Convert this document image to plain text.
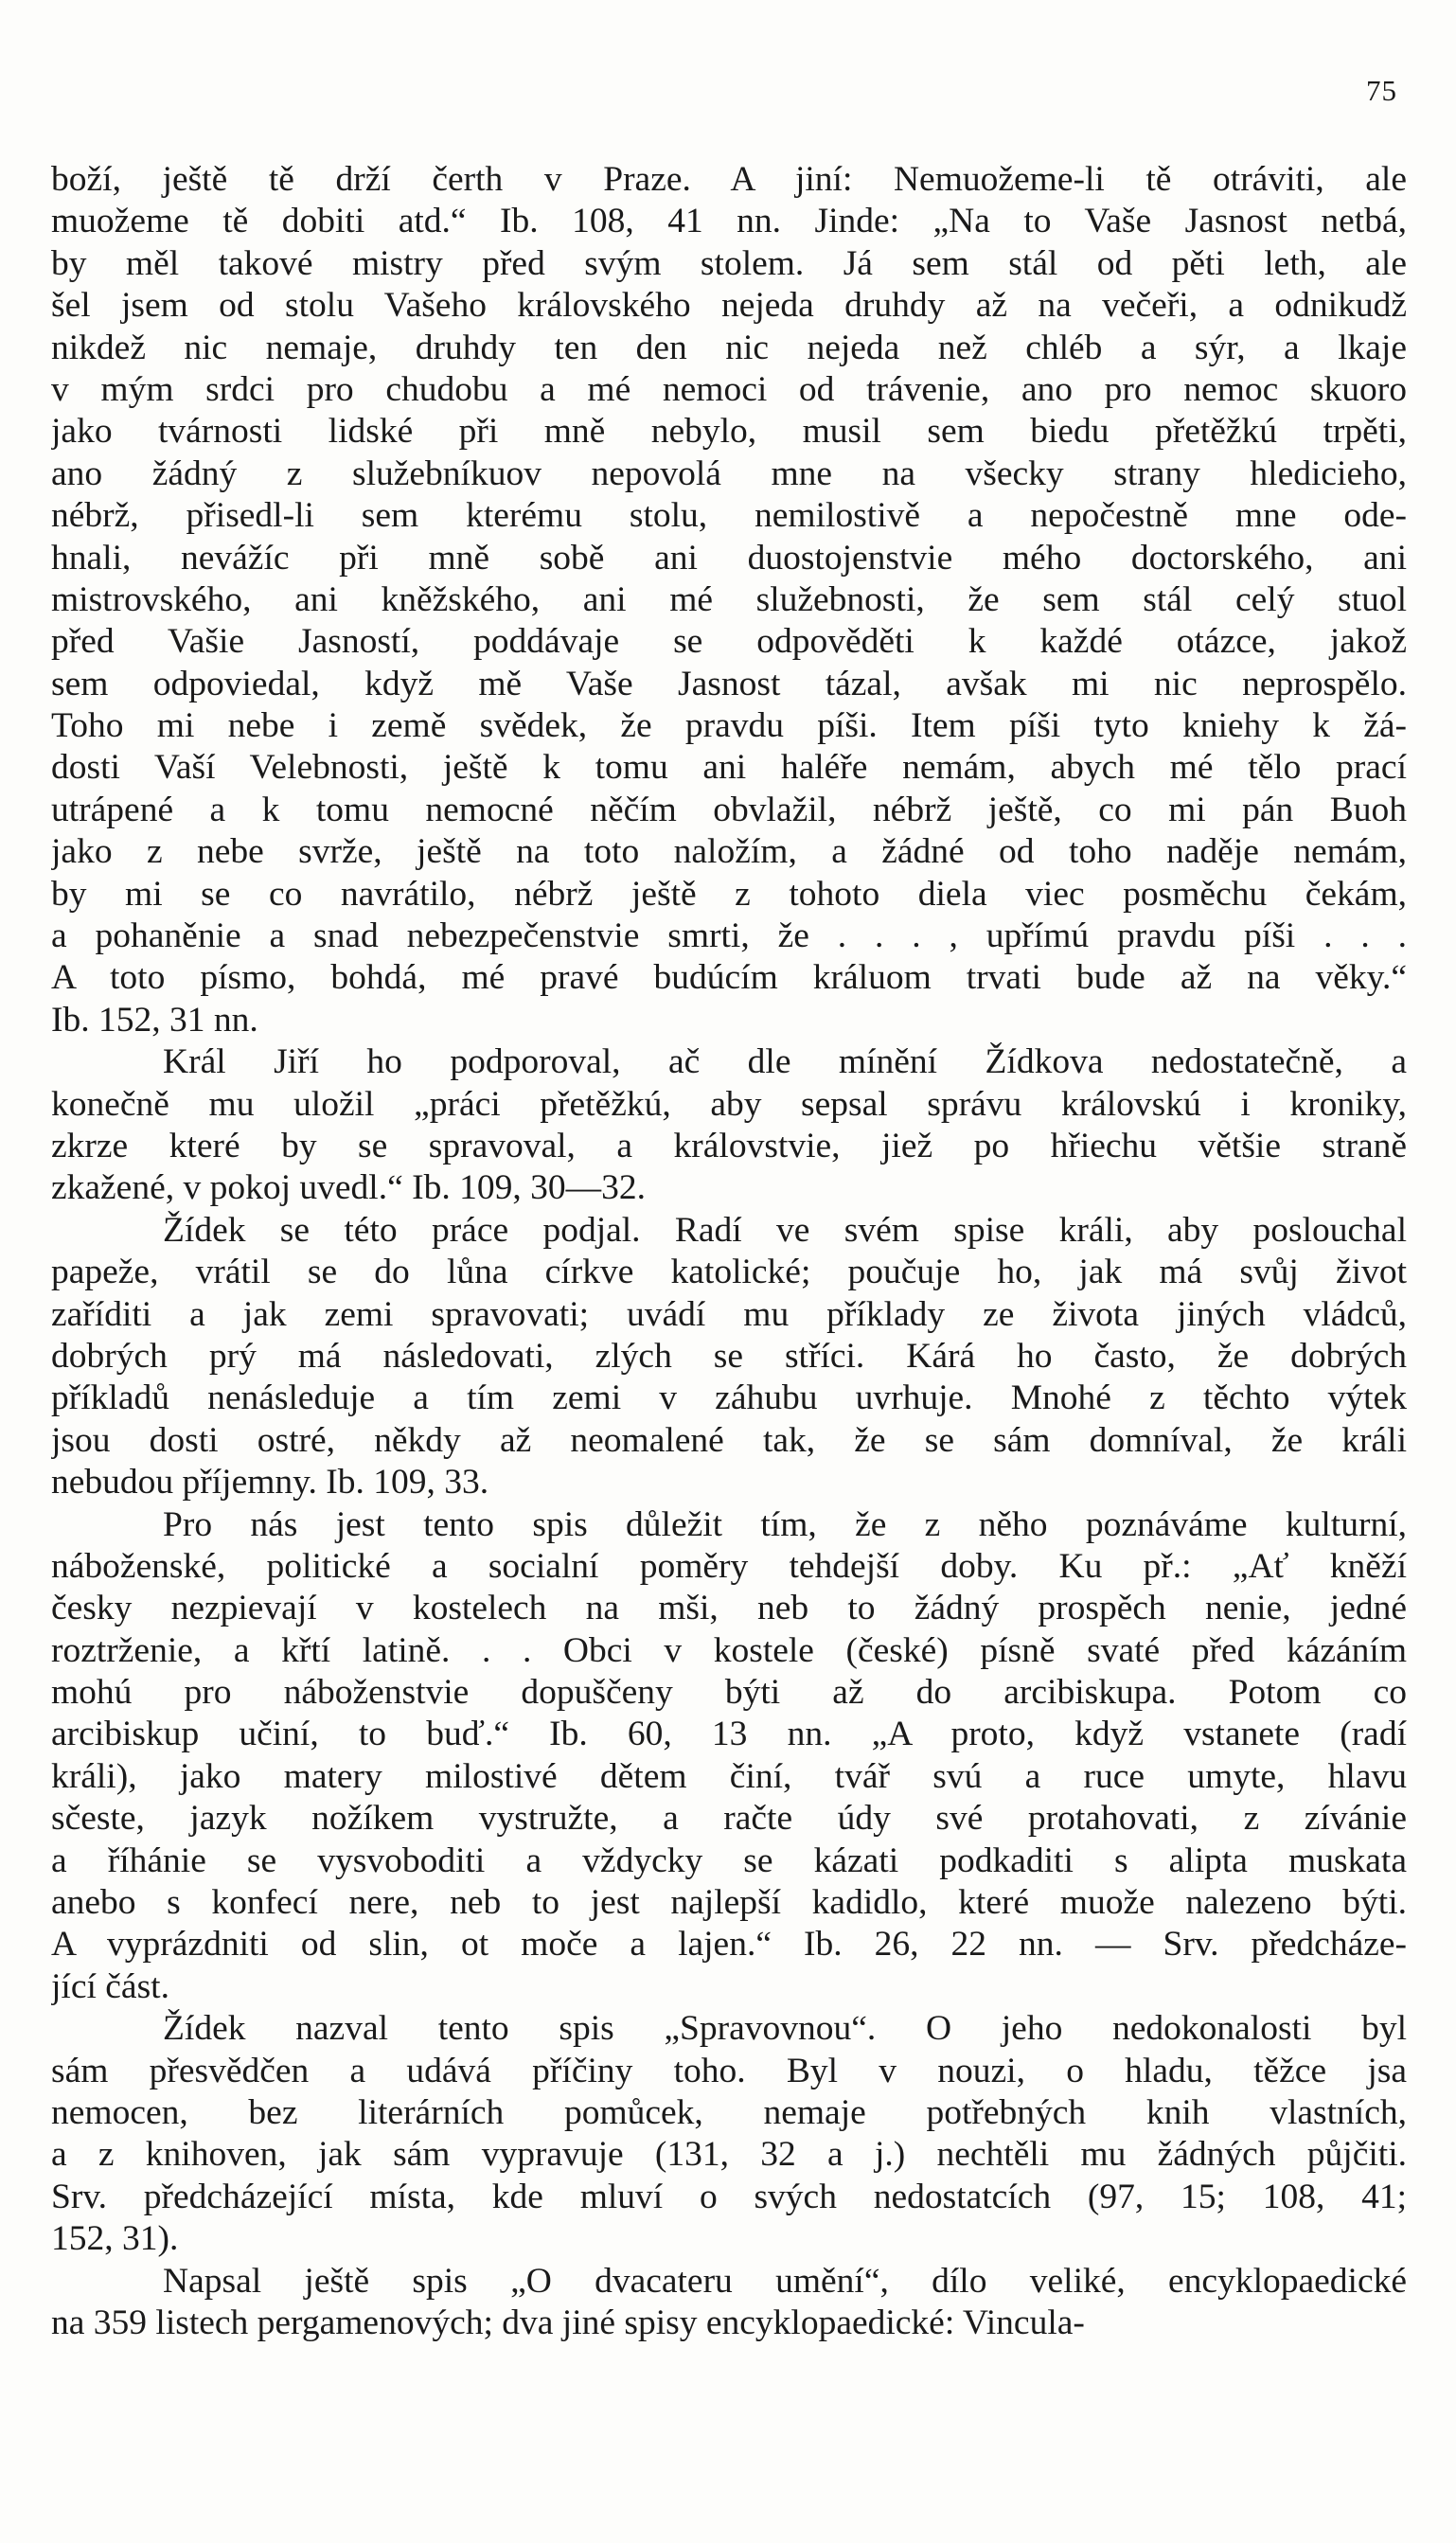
75
boží, ještě tě drží čerth v Praze. A jiní: Nemuožeme-li tě otráviti, ale
muožeme tě dobiti atd.“ Ib. 108, 41 nn. Jinde: „Na to Vaše Jasnost netbá,
by měl takové mistry před svým stolem. Já sem stál od pěti leth, ale
šel jsem od stolu Vašeho královského nejeda druhdy až na večeři, a odnikudž
nikdež nic nemaje, druhdy ten den nic nejeda než chléb a sýr, a lkaje
v mým srdci pro chudobu a mé nemoci od trávenie, ano pro nemoc skuoro
jako tvárnosti lidské při mně nebylo, musil sem biedu přetěžkú trpěti,
ano žádný z služebníkuov nepovolá mne na všecky strany hledicieho,
nébrž, přisedl-li sem kterému stolu, nemilostivě a nepočestně mne ode-
hnali, nevážíc při mně sobě ani duostojenstvie mého doctorského, ani
mistrovského, ani kněžského, ani mé služebnosti, že sem stál celý stuol
před Vašie Jasností, poddávaje se odpověděti k každé otázce, jakož
sem odpoviedal, když mě Vaše Jasnost tázal, avšak mi nic neprospělo.
Toho mi nebe i země svědek, že pravdu píši. Item píši tyto kniehy k žá-
dosti Vaší Velebnosti, ještě k tomu ani haléře nemám, abych mé tělo prací
utrápené a k tomu nemocné něčím obvlažil, nébrž ještě, co mi pán Buoh
jako z nebe svrže, ještě na toto naložím, a žádné od toho naděje nemám,
by mi se co navrátilo, nébrž ještě z tohoto diela viec posměchu čekám,
a pohaněnie a snad nebezpečenstvie smrti, že . . . , upřímú pravdu píši . . .
A toto písmo, bohdá, mé pravé budúcím králuom trvati bude až na věky.“
Ib. 152, 31 nn.
Král Jiří ho podporoval, ač dle mínění Žídkova nedostatečně, a
konečně mu uložil „práci přetěžkú, aby sepsal správu královskú i kroniky,
zkrze které by se spravoval, a královstvie, jiež po hřiechu většie straně
zkažené, v pokoj uvedl.“ Ib. 109, 30—32.
Žídek se této práce podjal. Radí ve svém spise králi, aby poslouchal
papeže, vrátil se do lůna církve katolické; poučuje ho, jak má svůj život
zaříditi a jak zemi spravovati; uvádí mu příklady ze života jiných vládců,
dobrých prý má následovati, zlých se stříci. Kárá ho často, že dobrých
příkladů nenásleduje a tím zemi v záhubu uvrhuje. Mnohé z těchto výtek
jsou dosti ostré, někdy až neomalené tak, že se sám domníval, že králi
nebudou příjemny. Ib. 109, 33.
Pro nás jest tento spis důležit tím, že z něho poznáváme kulturní,
náboženské, politické a socialní poměry tehdejší doby. Ku př.: „Ať kněží
česky nezpievají v kostelech na mši, neb to žádný prospěch nenie, jedné
roztrženie, a křtí latině. . . Obci v kostele (české) písně svaté před kázáním
mohú pro náboženstvie dopuščeny býti až do arcibiskupa. Potom co
arcibiskup učiní, to buď.“ Ib. 60, 13 nn. „A proto, když vstanete (radí
králi), jako matery milostivé dětem činí, tvář svú a ruce umyte, hlavu
sčeste, jazyk nožíkem vystružte, a račte údy své protahovati, z zívánie
a říhánie se vysvoboditi a vždycky se kázati podkaditi s alipta muskata
anebo s konfecí nere, neb to jest najlepší kadidlo, které muože nalezeno býti.
A vyprázdniti od slin, ot moče a lajen.“ Ib. 26, 22 nn. — Srv. předcháze-
jící část.
Žídek nazval tento spis „Spravovnou“. O jeho nedokonalosti byl
sám přesvědčen a udává příčiny toho. Byl v nouzi, o hladu, těžce jsa
nemocen, bez literárních pomůcek, nemaje potřebných knih vlastních,
a z knihoven, jak sám vypravuje (131, 32 a j.) nechtěli mu žádných půjčiti.
Srv. předcházející místa, kde mluví o svých nedostatcích (97, 15; 108, 41;
152, 31).
Napsal ještě spis „O dvacateru umění“, dílo veliké, encyklopaedické
na 359 listech pergamenových; dva jiné spisy encyklopaedické: Vincula-
